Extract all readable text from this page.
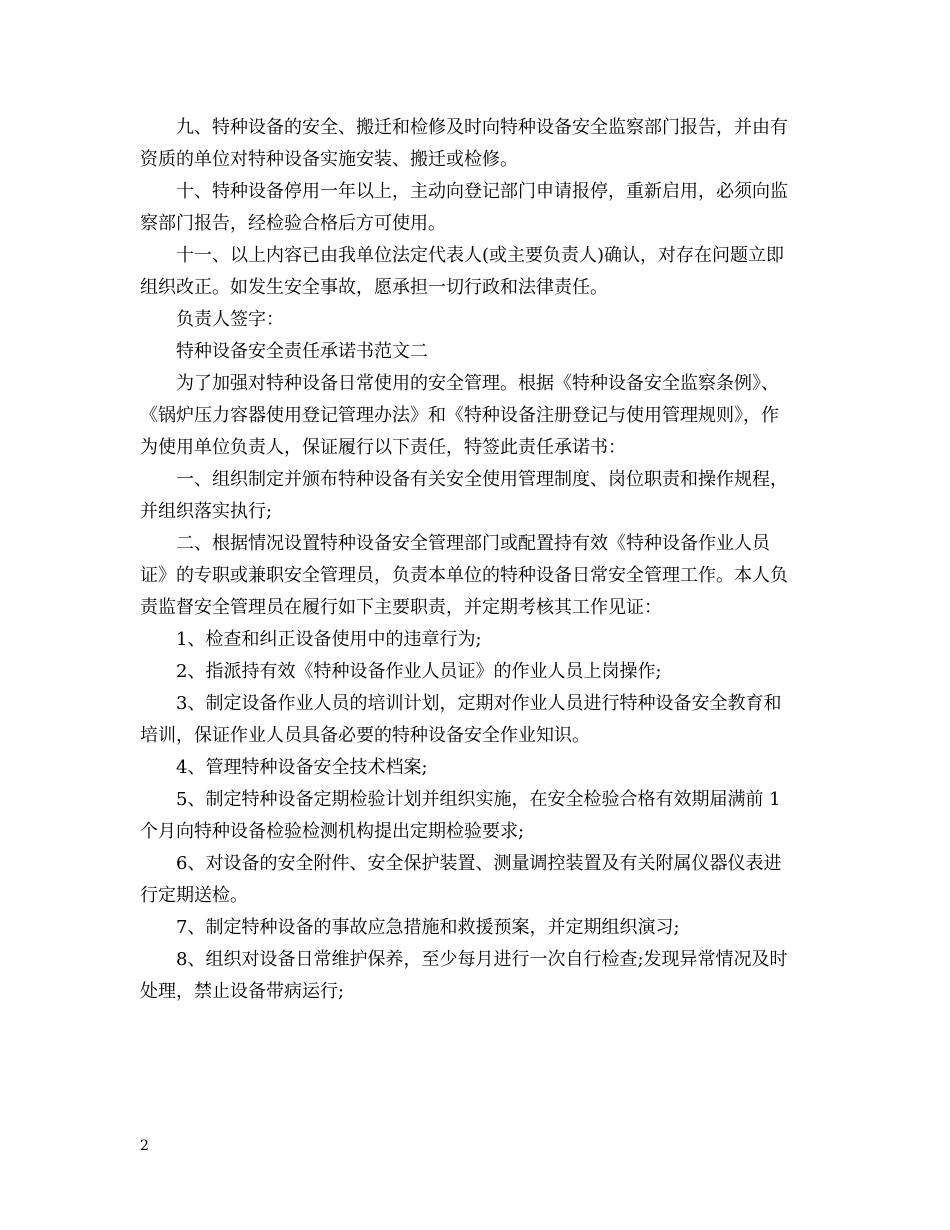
九、特种设备的安全、搬迁和检修及时向特种设备安全监察部门报告，并由有
资质的单位对特种设备实施安装、搬迁或检修。

十、特种设备停用一年以上，主动向登记部门申请报停，重新启用，必须向监
察部门报告，经检验合格后方可使用。

十一、以上内容已由我单位法定代表人(或主要负责人)确认，对存在问题立即
组织改正。如发生安全事故，愿承担一切行政和法律责任。

负责人签字：

特种设备安全责任承诺书范文二

为了加强对特种设备日常使用的安全管理。根据《特种设备安全监察条例》、
《锅炉压力容器使用登记管理办法》和《特种设备注册登记与使用管理规则》，作
为使用单位负责人，保证履行以下责任，特签此责任承诺书：

一、组织制定并颁布特种设备有关安全使用管理制度、岗位职责和操作规程，
并组织落实执行;

二、根据情况设置特种设备安全管理部门或配置持有效《特种设备作业人员
证》的专职或兼职安全管理员，负责本单位的特种设备日常安全管理工作。本人负
责监督安全管理员在履行如下主要职责，并定期考核其工作见证：

1、检查和纠正设备使用中的违章行为;

2、指派持有效《特种设备作业人员证》的作业人员上岗操作;

3、制定设备作业人员的培训计划，定期对作业人员进行特种设备安全教育和
培训，保证作业人员具备必要的特种设备安全作业知识。

4、管理特种设备安全技术档案;

5、制定特种设备定期检验计划并组织实施，在安全检验合格有效期届满前 1
个月向特种设备检验检测机构提出定期检验要求;

6、对设备的安全附件、安全保护装置、测量调控装置及有关附属仪器仪表进
行定期送检。

7、制定特种设备的事故应急措施和救援预案，并定期组织演习;

8、组织对设备日常维护保养，至少每月进行一次自行检查;发现异常情况及时
处理，禁止设备带病运行;

2
